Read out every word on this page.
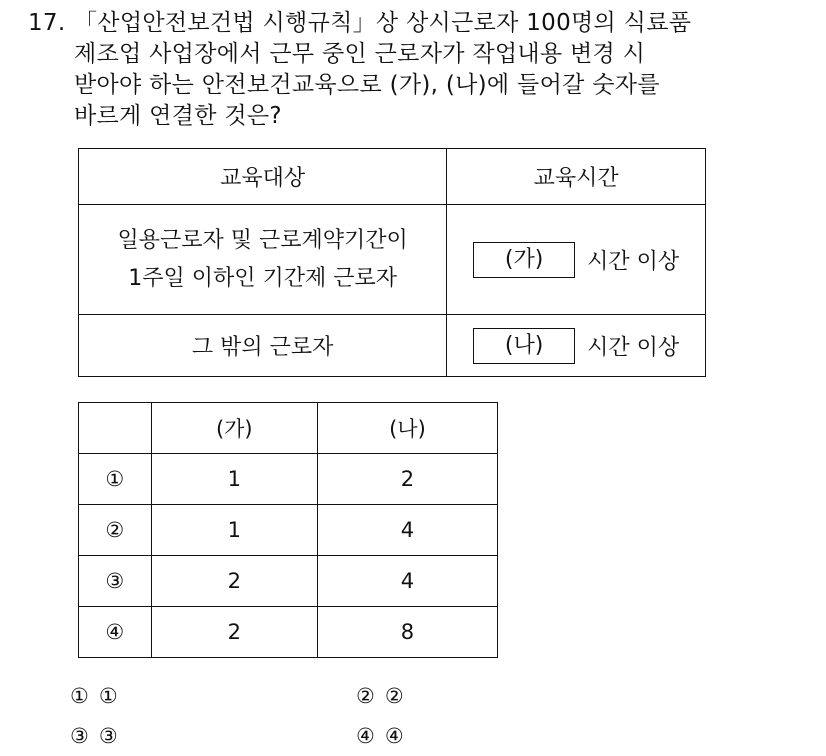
17. 「산업안전보건법 시행규칙」상 상시근로자 100명의 식료품
제조업 사업장에서 근무 중인 근로자가 작업내용 변경 시
받아야 하는 안전보건교육으로 (가), (나)에 들어갈 숫자를
바르게 연결한 것은?
교육대상	교육시간
일용근로자 및 근로계약기간이
1주일 이하인 기간제 근로자	(가) 시간 이상
그 밖의 근로자	(나) 시간 이상
	(가)	(나)
①	1	2
②	1	4
③	2	4
④	2	8
① ①	② ②
③ ③	④ ④
